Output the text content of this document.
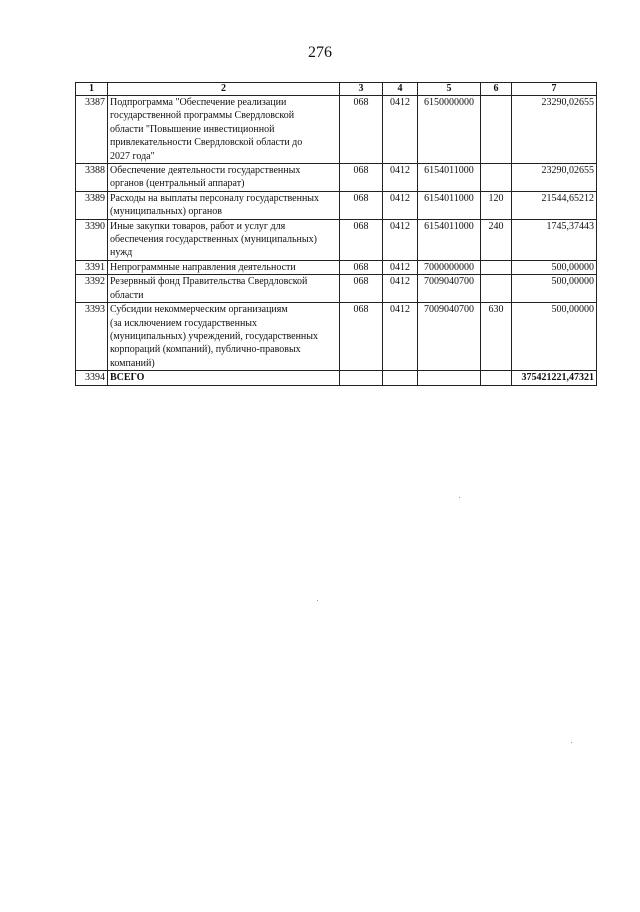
276
1	2	3	4	5	6	7
3387	Подпрограмма "Обеспечение реализации
государственной программы Свердловской
области "Повышение инвестиционной
привлекательности Свердловской области до
2027 года"	068	0412	6150000000		23290,02655
3388	Обеспечение деятельности государственных
органов (центральный аппарат)	068	0412	6154011000		23290,02655
3389	Расходы на выплаты персоналу государственных
(муниципальных) органов	068	0412	6154011000	120	21544,65212
3390	Иные закупки товаров, работ и услуг для
обеспечения государственных (муниципальных)
нужд	068	0412	6154011000	240	1745,37443
3391	Непрограммные направления деятельности	068	0412	7000000000		500,00000
3392	Резервный фонд Правительства Свердловской
области	068	0412	7009040700		500,00000
3393	Субсидии некоммерческим организациям
(за исключением государственных
(муниципальных) учреждений, государственных
корпораций (компаний), публично-правовых
компаний)	068	0412	7009040700	630	500,00000
3394	ВСЕГО					375421221,47321
